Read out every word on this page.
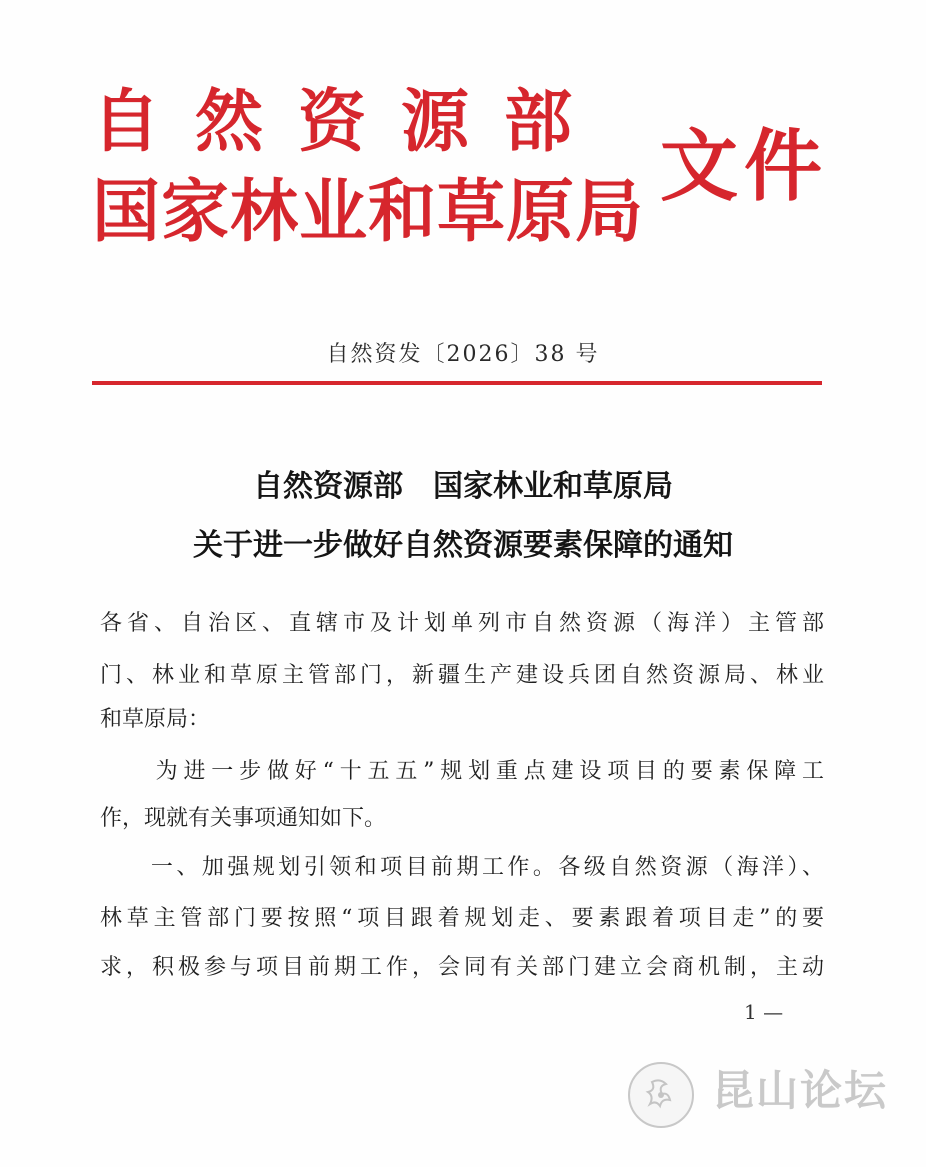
自然资源部
国家林业和草原局 文件
自然资发〔2026〕38 号
自然资源部　国家林业和草原局
关于进一步做好自然资源要素保障的通知
各省、自治区、直辖市及计划单列市自然资源（海洋）主管部
门、林业和草原主管部门，新疆生产建设兵团自然资源局、林业
和草原局：
　　为进一步做好“十五五”规划重点建设项目的要素保障工
作，现就有关事项通知如下。
　　一、加强规划引领和项目前期工作。各级自然资源（海洋）、
林草主管部门要按照“项目跟着规划走、要素跟着项目走”的要
求，积极参与项目前期工作，会同有关部门建立会商机制，主动
1 —
昆山论坛
